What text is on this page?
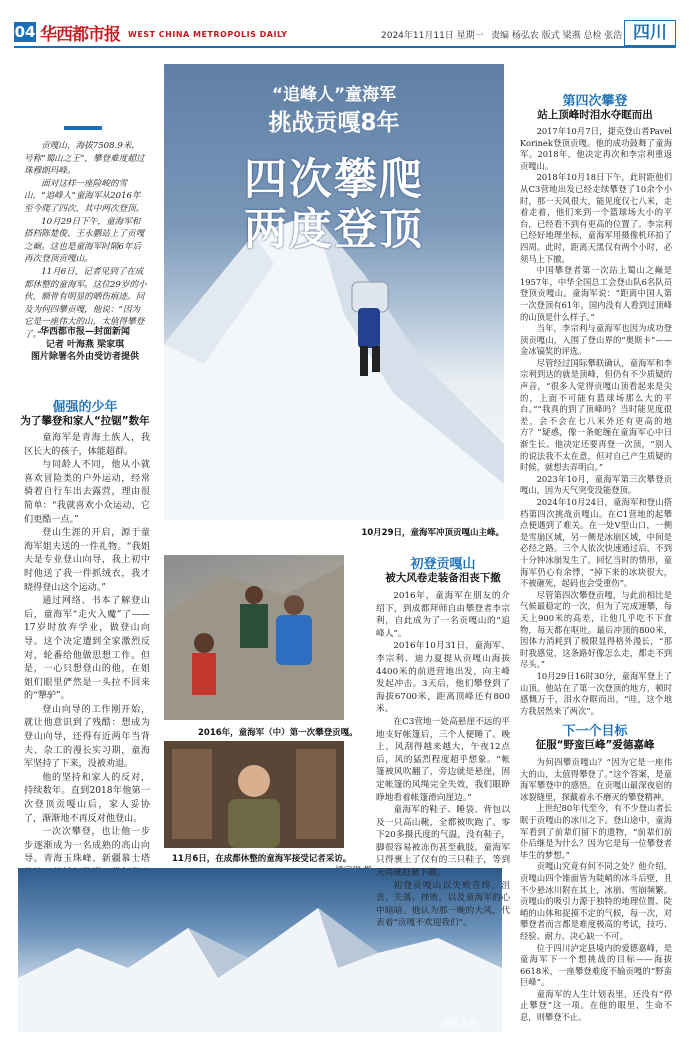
04 华西都市报 WEST CHINA METROPOLIS DAILY	2024年11月11日 星期一 责编 杨弘农 版式 梁燕 总检 张浩 四川

贡嘎山，海拔7508.9米，号称“蜀山之王”，攀登难度超过珠穆朗玛峰。

面对这样一座险峻的雪山，“追峰人”童海军从2016年至今爬了四次，其中两次登顶。

10月29日下午，童海军和搭档陈楚俊、王永鹏站上了贡嘎之巅。这也是童海军时隔6年后再次登顶贡嘎山。

11月6日，记者见到了在成都休整的童海军。这位29岁的小伙，额骨有明显的晒伤痕迹。问及为何四攀贡嘎，他说：“因为它是一座伟大的山，太值得攀登了。”

华西都市报—封面新闻
记者 叶海燕 梁家琪
图片除署名外由受访者提供
倔强的少年
为了攀登和家人“拉锯”数年

童海军是青海土族人，我区长大的孩子，体能超群。

与同龄人不同，他从小就喜欢冒险类的户外运动，经常骑着自行车出去露营，理由很简单：“我就喜欢小众运动，它们更酷一点。”

登山生涯的开启，源于童海军姐夫送的一件礼物。“我姐夫是专业登山向导，我上初中时他送了我一件抓绒衣，我才晓得登山这个运动。”

通过网络、书本了解登山后，童海军“走火入魔”了——17岁时放弃学业，做登山向导。这个决定遭到全家激烈反对，轮番给他做思想工作。但是，一心只想登山的他，在姐姐们眼里俨然是一头拉不回来的“犟驴”。

登山向导的工作刚开始，就让他意识到了残酷：想成为登山向导，还得有近两年当背夫、杂工的漫长实习期，童海军坚持了下来，没被劝退。

他的坚持和家人的反对，持续数年。直到2018年他第一次登顶贡嘎山后，家人妥协了，渐渐地不再反对他登山。

一次次攀登，也让他一步步逐渐成为一名成熟的高山向导。青海玉珠峰、新疆慕士塔

“追峰人”童海军
挑战贡嘎8年
四次攀爬
两度登顶
10月29日，童海军冲顶贡嘎山主峰。
2016年，童海军（中）第一次攀登贡嘎。
11月6日，在成都休整的童海军接受记者采访。
贡嘎之巅
初登贡嘎山
被大风卷走装备泪丧下撤

2016年，童海军在朋友的介绍下，到成都拜师自由攀登者李宗利，自此成为了一名贡嘎山的“追峰人”。

2016年10月31日，童海军、李宗利、迪力夏提从贡嘎山海拔4400米的前进营地出发，向主峰发起冲击。3天后，他们攀登到了海拔6700米，距离顶峰还有800米。

在C3营地一处高悬崖不远的平地支好帐篷后，三个人便睡了。晚上，风刮得越来越大，午夜12点后，风的猛烈程度超乎想象。“帐篷被风吹翻了，旁边就是悬崖，固定帐篷的风绳完全失效，我们眼睁睁地看着帐篷滑向崖边。”

童海军的鞋子、睡袋、背包以及一只高山靴，全都被吹跑了。零下20多摄氏度的气温，没有鞋子，脚很容易被冻伤甚至截肢，童海军只得裹上了仅有的三只鞋子，等到天亮就赶紧下撤。

初登贡嘎山以失败告终，沮丧、失落、挫败，以及童海军的心中暗暗。他认为那一晚的大风，代表着“贡嘎不欢迎我们”。

第四次攀登
站上顶峰时泪水夺眶而出

2017年10月7日，捷克登山者Pavel Korinek登顶贡嘎。他的成功鼓舞了童海军。2018年，他决定再次和李宗利重返贡嘎山。

2018年10月18日下午，此时距他们从C3营地出发已经走续攀登了10余个小时，那一天风很大，能见度仅七八米，走着走着，他们来到一个篮球场大小的平台，已经看不到有更高的位置了。李宗利已经好地理坐标，童海军用摄像机环拍了四周。此时，距离天黑仅有两个小时，必须马上下撤。

中国攀登者第一次站上蜀山之巅是1957年，中华全国总工会登山队6名队员登顶贡嘎山。童海军说：“距离中国人第一次登顶有61年，国内没有人看到过顶峰的山顶是什么样子。”

当年，李宗利与童海军也因为成功登顶贡嘎山，入围了登山界的“奥斯卡”——金冰镐奖的评选。

尽管经过国际攀联确认，童海军和李宗利到达的就是顶峰，但仍有不少质疑的声音，“很多人觉得贡嘎山顶看起来是尖的，上面不可能有篮球场那么大的平台。”“我真的到了顶峰吗？当时能见度很差，会不会在七八米外还有更高的地方？”疑惑，像一条蛇缠在童海军心中日渐生长。他决定还要再登一次顶，“别人的说法我不太在意，但对自己产生质疑的时候，就想去弄明白。”

2023年10月，童海军第三次攀登贡嘎山，因为天气突变没能登顶。

2024年10月24日，童海军和登山搭档第四次挑战贡嘎山。在C1营地的起攀点便遇到了难关。在一处V型山口，一侧是雪崩区域，另一侧是冰崩区域，中间是必经之路。三个人依次快速通过后，不到十分钟冰崩发生了。回忆当时的情形，童海军仍心有余悸，“掉下来的冰块很大，不被砸死，起码也会受重伤”。

尽管第四次攀登贡嘎，与此前相比是气候最稳定的一次，但为了完成速攀，每天上900米的高差，让他几乎吃不下食物，每天都在呕吐。最后冲顶的800米，因体力消耗到了极限显得格外漫长，“那时我感觉，这条路好像怎么走，都走不到尽头。”

10月29日16时30分，童海军登上了山顶。他站在了第一次登顶的地方，顿时感慨万千，泪水夺眶而出，“哇，这个地方我居然来了两次”。

下一个目标
征服“野蛮巨峰”爱德嘉峰

为何四攀贡嘎山？“因为它是一座伟大的山，太值得攀登了。”这个答案，是童海军攀登中的感悟。在贡嘎山最深夜宿的冰裂缝里，探戴着永不磨灭的攀登精神。

上世纪80年代至今，有不少登山者长眠于贡嘎山的冰川之下。登山途中，童海军看到了前辈们留下的遗物，“前辈们前仆后继是为什么？因为它是每一位攀登者毕生的梦想。”

贡嘎山究竟有何不同之处？他介绍，贡嘎山四个锥面皆为陡峭的冰斗后壁，且不少悬冰川附在其上，冰崩、雪崩频繁。贡嘎山的吸引力源于独特的地理位置、陡峭的山体和捉摸不定的气候，每一次，对攀登者而言都是难度极高的考试，技巧、经验、耐力、决心缺一不可。

位于四川泸定县境内的爱德嘉峰，是童海军下一个想挑战的目标——海拔6618米，一座攀登难度不输贡嘎的“野蛮巨峰”。

童海军的人生计划表里，还没有“停止攀登”这一项。在他的眼里，生命不息，则攀登不止。
